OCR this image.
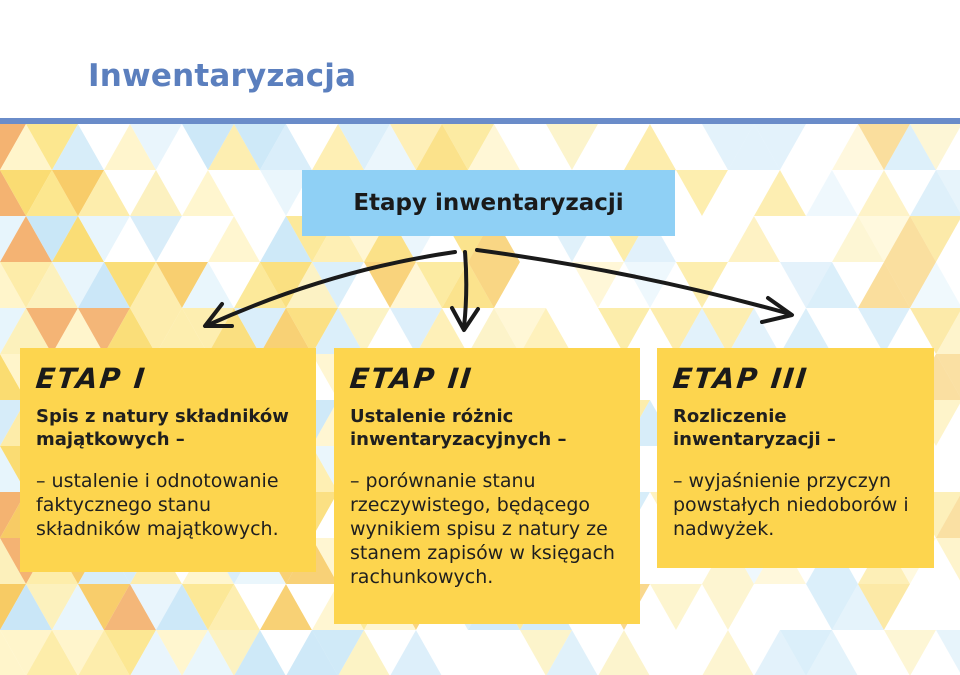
Inwentaryzacja
Etapy inwentaryzacji
ETAP I
Spis z natury składników majątkowych –
– ustalenie i odnotowanie faktycznego stanu składników majątkowych.
ETAP II
Ustalenie różnic inwentaryzacyjnych –
– porównanie stanu rzeczywistego, będącego wynikiem spisu z natury ze stanem zapisów w księgach rachunkowych.
ETAP III
Rozliczenie inwentaryzacji –
– wyjaśnienie przyczyn powstałych niedoborów i nadwyżek.
